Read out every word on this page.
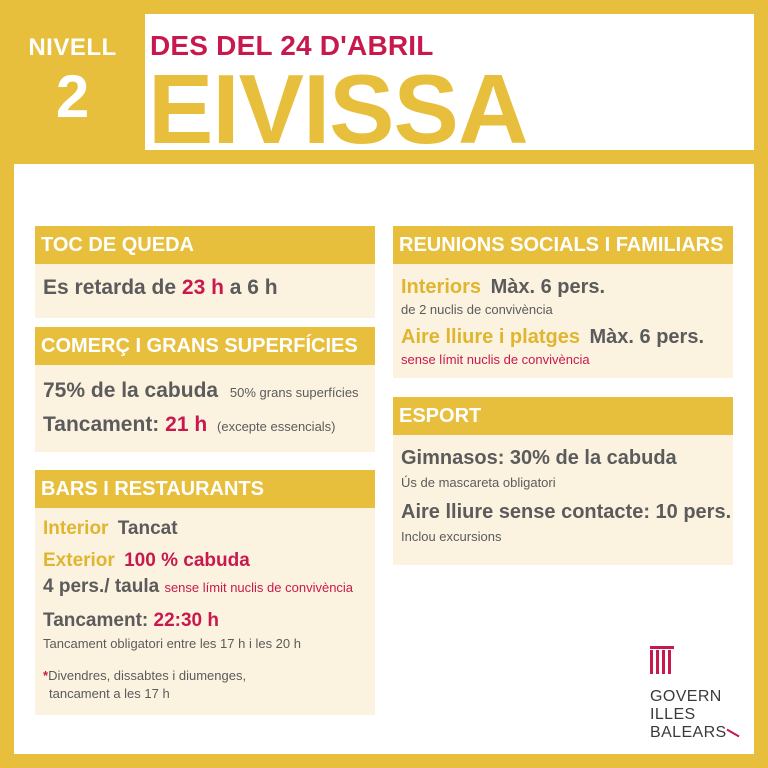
NIVELL
2
DES DEL 24 D'ABRIL
EIVISSA
TOC DE QUEDA
Es retarda de 23 h a 6 h
COMERÇ I GRANS SUPERFÍCIES
75% de la cabuda 50% grans superfícies
Tancament: 21 h (excepte essencials)
BARS I RESTAURANTS
Interior Tancat
Exterior 100 % cabuda
4 pers./ taula sense límit nuclis de convivència
Tancament: 22:30 h
Tancament obligatori entre les 17 h i les 20 h
*Divendres, dissabtes i diumenges,
tancament a les 17 h
REUNIONS SOCIALS I FAMILIARS
Interiors Màx. 6 pers.
de 2 nuclis de convivència
Aire lliure i platges Màx. 6 pers.
sense límit nuclis de convivència
ESPORT
Gimnasos: 30% de la cabuda
Ús de mascareta obligatori
Aire lliure sense contacte: 10 pers.
Inclou excursions
GOVERN
ILLES
BALEARS
